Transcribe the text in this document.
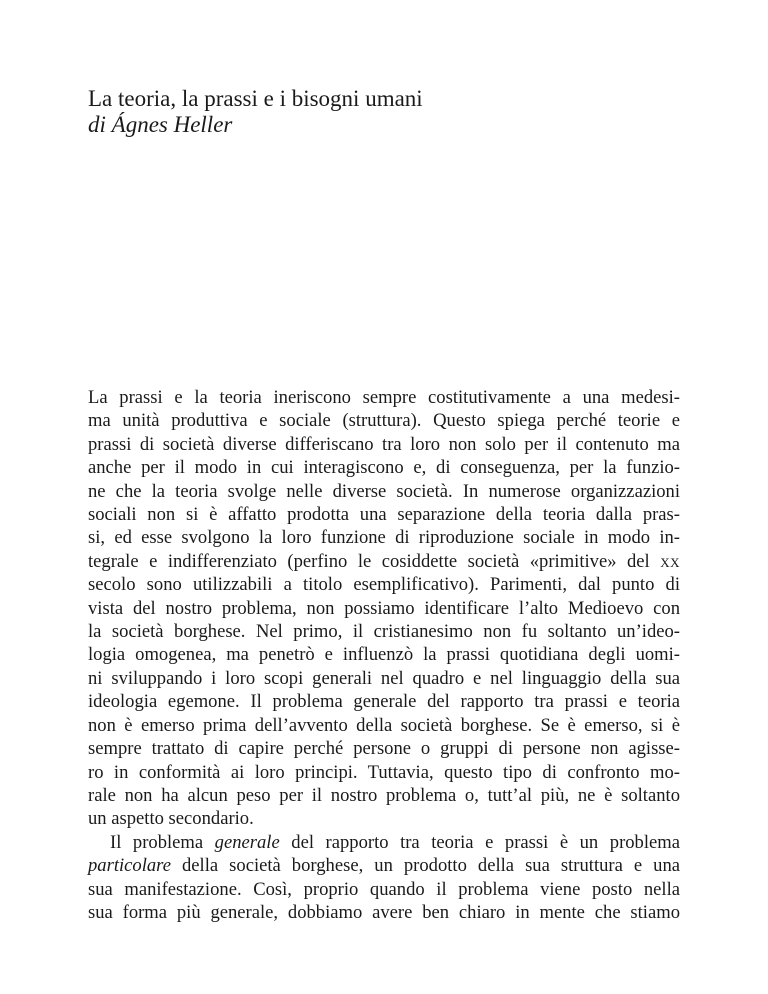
La teoria, la prassi e i bisogni umani
di Ágnes Heller
La prassi e la teoria ineriscono sempre costitutivamente a una medesi-
ma unità produttiva e sociale (struttura). Questo spiega perché teorie e
prassi di società diverse differiscano tra loro non solo per il contenuto ma
anche per il modo in cui interagiscono e, di conseguenza, per la funzio-
ne che la teoria svolge nelle diverse società. In numerose organizzazioni
sociali non si è affatto prodotta una separazione della teoria dalla pras-
si, ed esse svolgono la loro funzione di riproduzione sociale in modo in-
tegrale e indifferenziato (perfino le cosiddette società «primitive» del xx
secolo sono utilizzabili a titolo esemplificativo). Parimenti, dal punto di
vista del nostro problema, non possiamo identificare l’alto Medioevo con
la società borghese. Nel primo, il cristianesimo non fu soltanto un’ideo-
logia omogenea, ma penetrò e influenzò la prassi quotidiana degli uomi-
ni sviluppando i loro scopi generali nel quadro e nel linguaggio della sua
ideologia egemone. Il problema generale del rapporto tra prassi e teoria
non è emerso prima dell’avvento della società borghese. Se è emerso, si è
sempre trattato di capire perché persone o gruppi di persone non agisse-
ro in conformità ai loro principi. Tuttavia, questo tipo di confronto mo-
rale non ha alcun peso per il nostro problema o, tutt’al più, ne è soltanto
un aspetto secondario.
Il problema generale del rapporto tra teoria e prassi è un problema
particolare della società borghese, un prodotto della sua struttura e una
sua manifestazione. Così, proprio quando il problema viene posto nella
sua forma più generale, dobbiamo avere ben chiaro in mente che stiamo
